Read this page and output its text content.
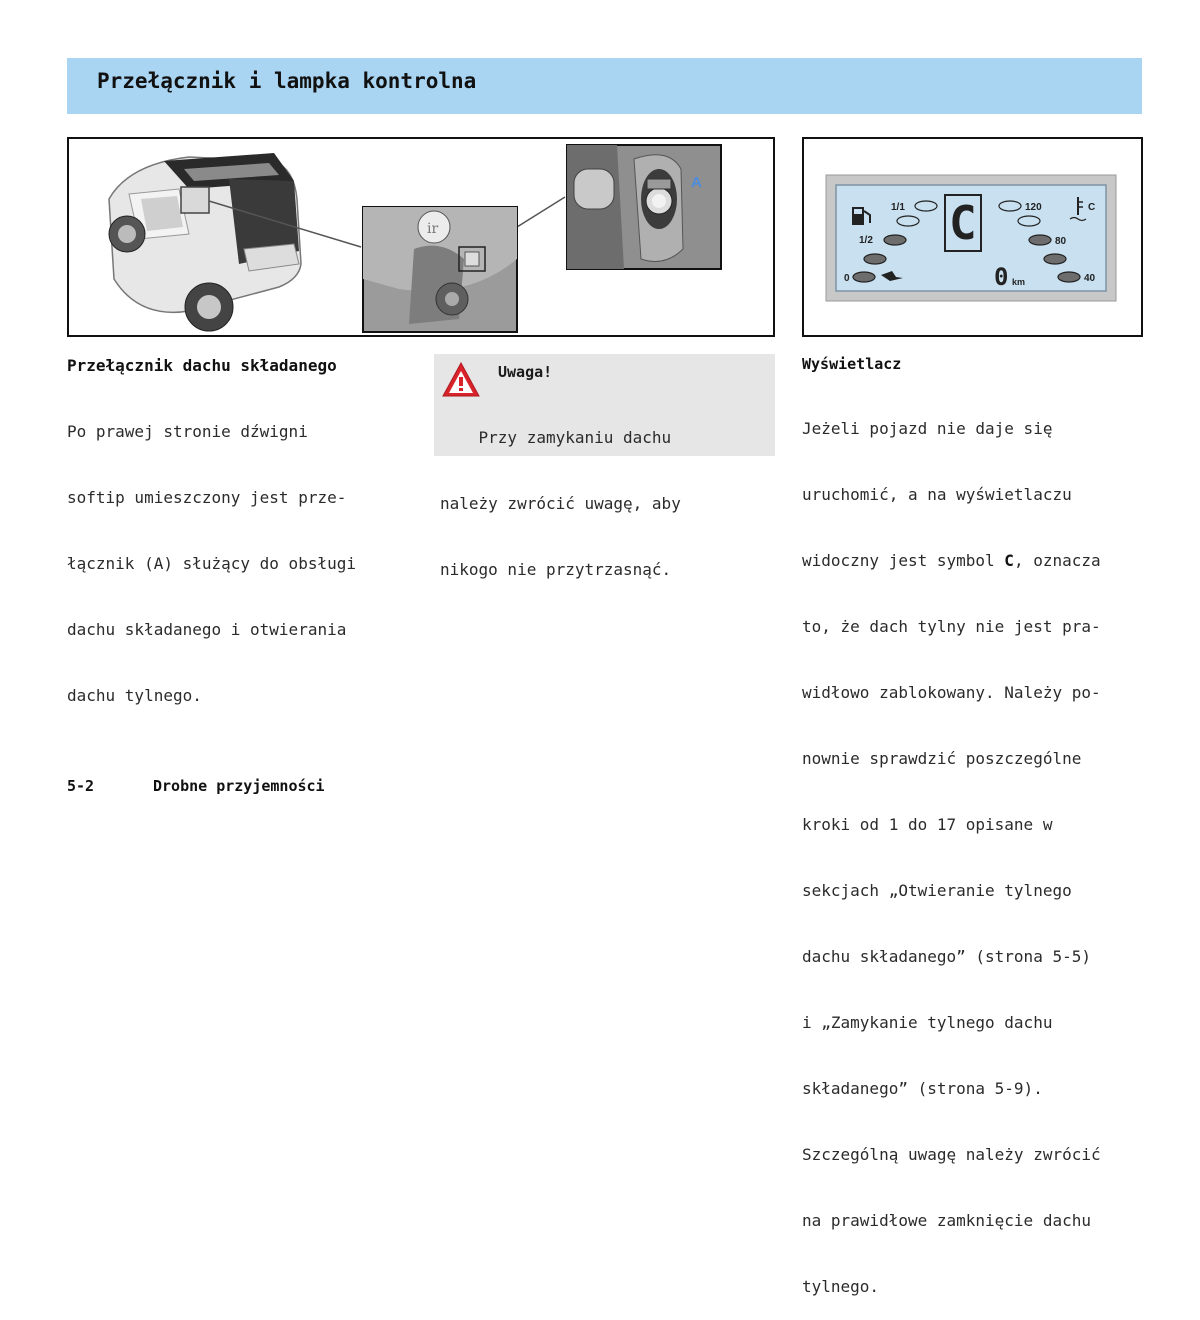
Przełącznik i lampka kontrolna
ir
A
1/1
1/2
0
C	120
80
40
C
0 km
Przełącznik dachu składanego

Po prawej stronie dźwigni

softip umieszczony jest prze-

łącznik (A) służący do obsługi

dachu składanego i otwierania

dachu tylnego.

Uwaga!

Przy zamykaniu dachu

należy zwrócić uwagę, aby

nikogo nie przytrzasnąć.

Wyświetlacz

Jeżeli pojazd nie daje się

uruchomić, a na wyświetlaczu

widoczny jest symbol C, oznacza

to, że dach tylny nie jest pra-

widłowo zablokowany. Należy po-

nownie sprawdzić poszczególne

kroki od 1 do 17 opisane w

sekcjach „Otwieranie tylnego

dachu składanego” (strona 5-5)

i „Zamykanie tylnego dachu

składanego” (strona 5-9).

Szczególną uwagę należy zwrócić

na prawidłowe zamknięcie dachu

tylnego.

5-2	Drobne przyjemności
